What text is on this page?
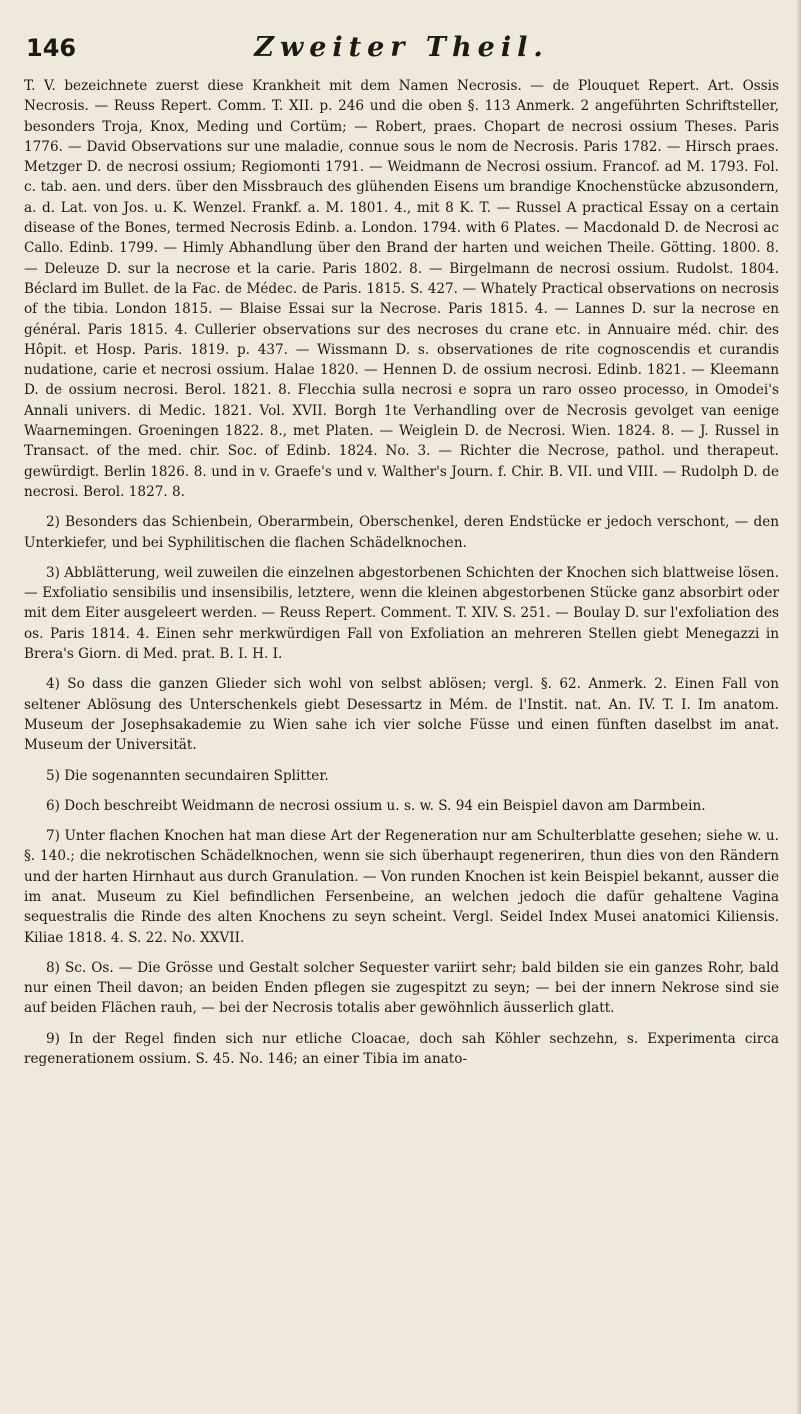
146	Zweiter Theil.

T. V. bezeichnete zuerst diese Krankheit mit dem Namen Necrosis. — de Plouquet Repert. Art. Ossis Necrosis. — Reuss Repert. Comm. T. XII. p. 246 und die oben §. 113 Anmerk. 2 angeführten Schriftsteller, besonders Troja, Knox, Meding und Cortüm; — Robert, praes. Chopart de necrosi ossium Theses. Paris 1776. — David Observations sur une maladie, connue sous le nom de Necrosis. Paris 1782. — Hirsch praes. Metzger D. de necrosi ossium; Regiomonti 1791. — Weidmann de Necrosi ossium. Francof. ad M. 1793. Fol. c. tab. aen. und ders. über den Missbrauch des glühenden Eisens um brandige Knochenstücke abzusondern, a. d. Lat. von Jos. u. K. Wenzel. Frankf. a. M. 1801. 4., mit 8 K. T. — Russel A practical Essay on a certain disease of the Bones, termed Necrosis Edinb. a. London. 1794. with 6 Plates. — Macdonald D. de Necrosi ac Callo. Edinb. 1799. — Himly Abhandlung über den Brand der harten und weichen Theile. Götting. 1800. 8. — Deleuze D. sur la necrose et la carie. Paris 1802. 8. — Birgelmann de necrosi ossium. Rudolst. 1804. Béclard im Bullet. de la Fac. de Médec. de Paris. 1815. S. 427. — Whately Practical observations on necrosis of the tibia. London 1815. — Blaise Essai sur la Necrose. Paris 1815. 4. — Lannes D. sur la necrose en général. Paris 1815. 4. Cullerier observations sur des necroses du crane etc. in Annuaire méd. chir. des Hôpit. et Hosp. Paris. 1819. p. 437. — Wissmann D. s. observationes de rite cognoscendis et curandis nudatione, carie et necrosi ossium. Halae 1820. — Hennen D. de ossium necrosi. Edinb. 1821. — Kleemann D. de ossium necrosi. Berol. 1821. 8. Flecchia sulla necrosi e sopra un raro osseo processo, in Omodei's Annali univers. di Medic. 1821. Vol. XVII. Borgh 1te Verhandling over de Necrosis gevolget van eenige Waarnemingen. Groeningen 1822. 8., met Platen. — Weiglein D. de Necrosi. Wien. 1824. 8. — J. Russel in Transact. of the med. chir. Soc. of Edinb. 1824. No. 3. — Richter die Necrose, pathol. und therapeut. gewürdigt. Berlin 1826. 8. und in v. Graefe's und v. Walther's Journ. f. Chir. B. VII. und VIII. — Rudolph D. de necrosi. Berol. 1827. 8.

2) Besonders das Schienbein, Oberarmbein, Oberschenkel, deren Endstücke er jedoch verschont, — den Unterkiefer, und bei Syphilitischen die flachen Schädelknochen.

3) Abblätterung, weil zuweilen die einzelnen abgestorbenen Schichten der Knochen sich blattweise lösen. — Exfoliatio sensibilis und insensibilis, letztere, wenn die kleinen abgestorbenen Stücke ganz absorbirt oder mit dem Eiter ausgeleert werden. — Reuss Repert. Comment. T. XIV. S. 251. — Boulay D. sur l'exfoliation des os. Paris 1814. 4. Einen sehr merkwürdigen Fall von Exfoliation an mehreren Stellen giebt Menegazzi in Brera's Giorn. di Med. prat. B. I. H. I.

4) So dass die ganzen Glieder sich wohl von selbst ablösen; vergl. §. 62. Anmerk. 2. Einen Fall von seltener Ablösung des Unterschenkels giebt Desessartz in Mém. de l'Instit. nat. An. IV. T. I. Im anatom. Museum der Josephsakademie zu Wien sahe ich vier solche Füsse und einen fünften daselbst im anat. Museum der Universität.

5) Die sogenannten secundairen Splitter.

6) Doch beschreibt Weidmann de necrosi ossium u. s. w. S. 94 ein Beispiel davon am Darmbein.

7) Unter flachen Knochen hat man diese Art der Regeneration nur am Schulterblatte gesehen; siehe w. u. §. 140.; die nekrotischen Schädelknochen, wenn sie sich überhaupt regeneriren, thun dies von den Rändern und der harten Hirnhaut aus durch Granulation. — Von runden Knochen ist kein Beispiel bekannt, ausser die im anat. Museum zu Kiel befindlichen Fersenbeine, an welchen jedoch die dafür gehaltene Vagina sequestralis die Rinde des alten Knochens zu seyn scheint. Vergl. Seidel Index Musei anatomici Kiliensis. Kiliae 1818. 4. S. 22. No. XXVII.

8) Sc. Os. — Die Grösse und Gestalt solcher Sequester variirt sehr; bald bilden sie ein ganzes Rohr, bald nur einen Theil davon; an beiden Enden pflegen sie zugespitzt zu seyn; — bei der innern Nekrose sind sie auf beiden Flächen rauh, — bei der Necrosis totalis aber gewöhnlich äusserlich glatt.

9) In der Regel finden sich nur etliche Cloacae, doch sah Köhler sechzehn, s. Experimenta circa regenerationem ossium. S. 45. No. 146; an einer Tibia im anato-
